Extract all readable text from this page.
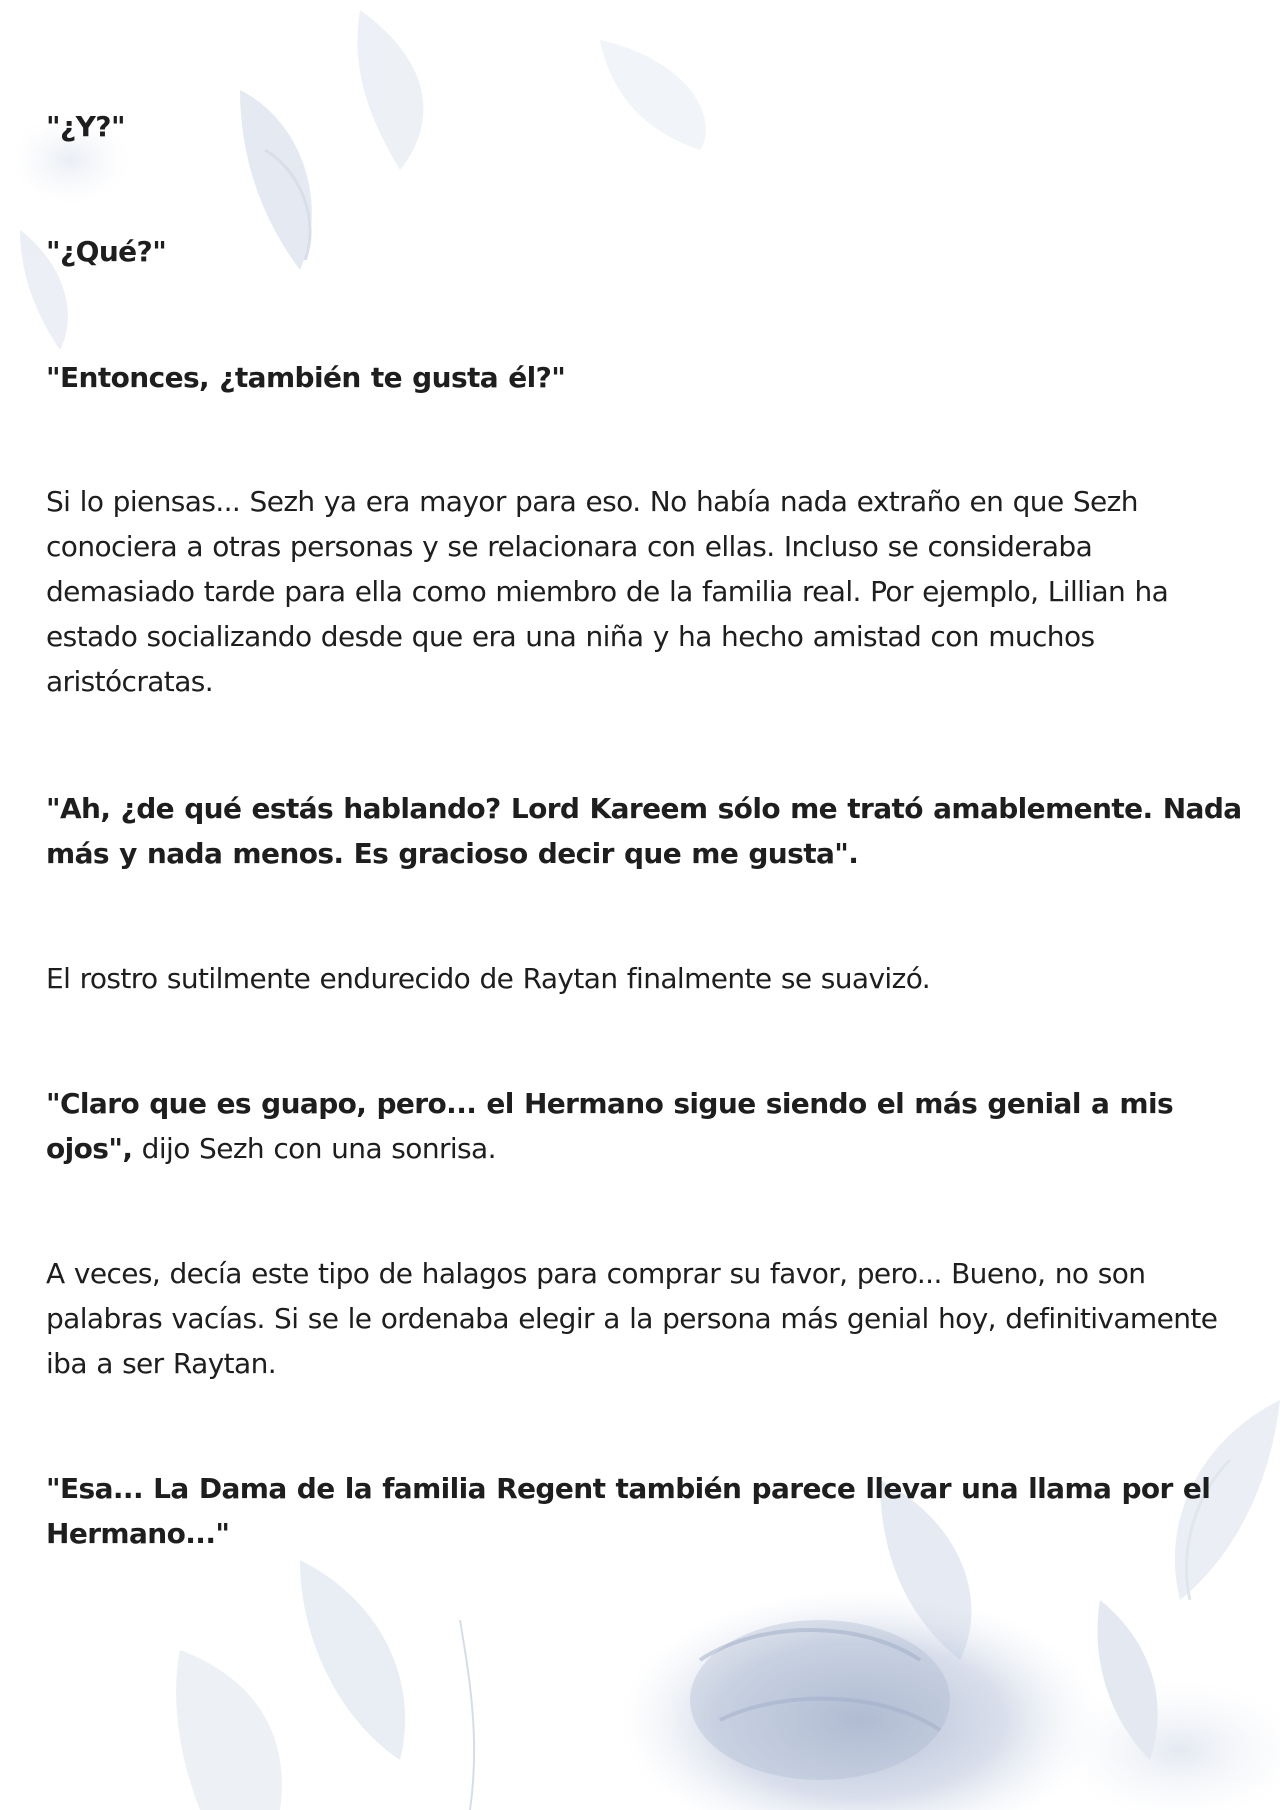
"¿Y?"

"¿Qué?"

"Entonces, ¿también te gusta él?"

Si lo piensas... Sezh ya era mayor para eso. No había nada extraño en que Sezh conociera a otras personas y se relacionara con ellas. Incluso se consideraba demasiado tarde para ella como miembro de la familia real. Por ejemplo, Lillian ha estado socializando desde que era una niña y ha hecho amistad con muchos aristócratas.

"Ah, ¿de qué estás hablando? Lord Kareem sólo me trató amablemente. Nada más y nada menos. Es gracioso decir que me gusta".

El rostro sutilmente endurecido de Raytan finalmente se suavizó.

"Claro que es guapo, pero... el Hermano sigue siendo el más genial a mis ojos", dijo Sezh con una sonrisa.

A veces, decía este tipo de halagos para comprar su favor, pero... Bueno, no son palabras vacías. Si se le ordenaba elegir a la persona más genial hoy, definitivamente iba a ser Raytan.

"Esa... La Dama de la familia Regent también parece llevar una llama por el Hermano..."
